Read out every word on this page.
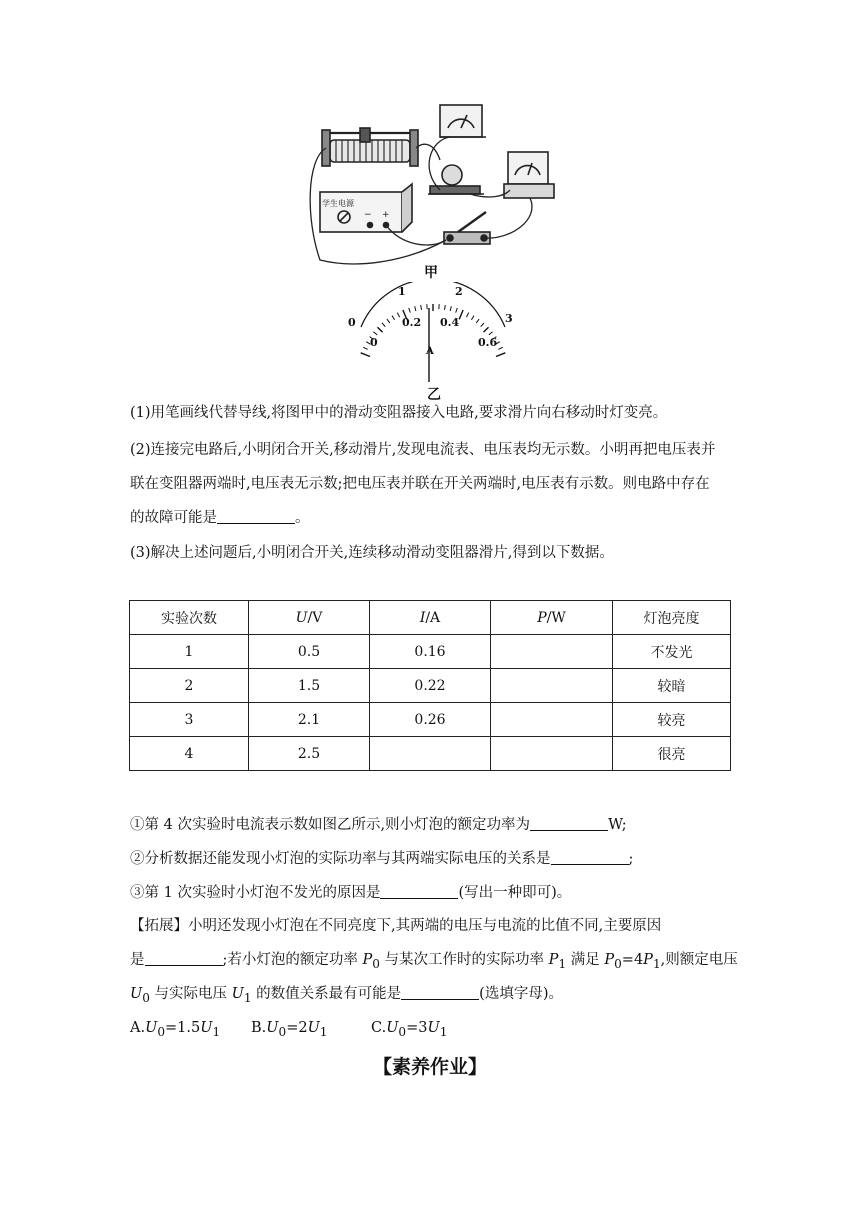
学生电源
− +
甲
0
1	2
3
0
0.2 0.4
0.6
A
乙
(1)用笔画线代替导线,将图甲中的滑动变阻器接入电路,要求滑片向右移动时灯变亮。
(2)连接完电路后,小明闭合开关,移动滑片,发现电流表、电压表均无示数。小明再把电压表并
联在变阻器两端时,电压表无示数;把电压表并联在开关两端时,电压表有示数。则电路中存在
的故障可能是	。
(3)解决上述问题后,小明闭合开关,连续移动滑动变阻器滑片,得到以下数据。
实验次数	U/V	I/A	P/W	灯泡亮度
1	0.5	0.16		不发光
2	1.5	0.22		较暗
3	2.1	0.26		较亮
4	2.5			很亮
①第 4 次实验时电流表示数如图乙所示,则小灯泡的额定功率为	W;
②分析数据还能发现小灯泡的实际功率与其两端实际电压的关系是	;
③第 1 次实验时小灯泡不发光的原因是	(写出一种即可)。
【拓展】小明还发现小灯泡在不同亮度下,其两端的电压与电流的比值不同,主要原因
是	;若小灯泡的额定功率 $P_0$ 与某次工作时的实际功率 $P_1$ 满足 $P_0=4P_1$,则额定电压
$U_0$ 与实际电压 $U_1$ 的数值关系最有可能是	(选填字母)。
$A.U_0=1.5U_1$	$B.U_0=2U_1$	$C.U_0=3U_1$
【素养作业】
